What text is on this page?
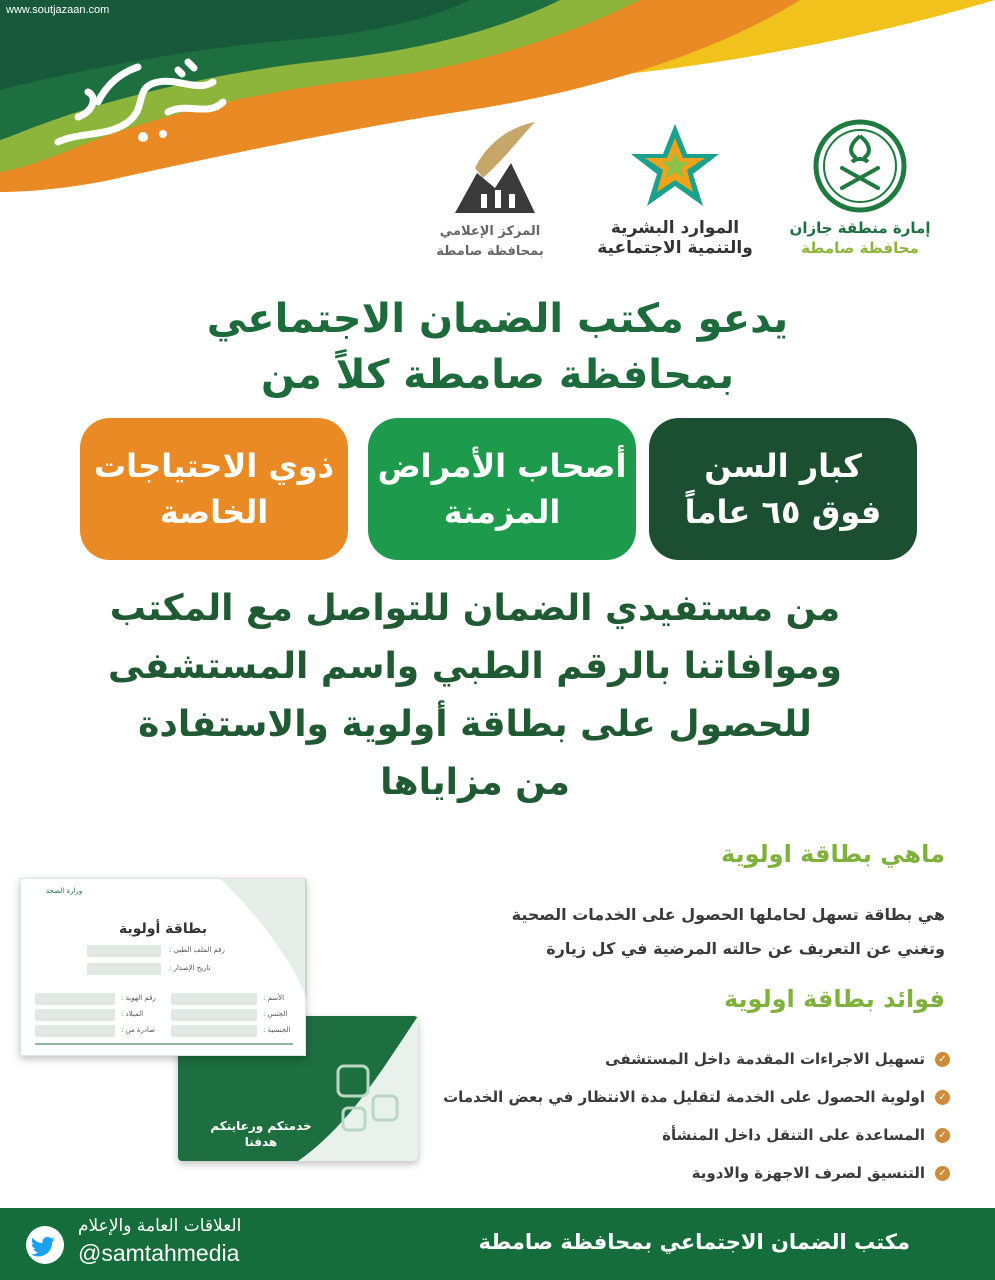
www.soutjazaan.com
إمارة منطقة جازان
محافظة صامطة
الموارد البشرية
والتنمية الاجتماعية
المركز الإعلامي
بمحافظة صامطة
يدعو مكتب الضمان الاجتماعي
بمحافظة صامطة كلاً من
كبار السن
فوق ٦٥ عاماً
أصحاب الأمراض
المزمنة
ذوي الاحتياجات
الخاصة
من مستفيدي الضمان للتواصل مع المكتب
وموافاتنا بالرقم الطبي واسم المستشفى
للحصول على بطاقة أولوية والاستفادة
من مزاياها
ماهي بطاقة اولوية
هي بطاقة تسهل لحاملها الحصول على الخدمات الصحية
وتغني عن التعريف عن حالته المرضية في كل زيارة
فوائد بطاقة اولوية
✓
تسهيل الاجراءات المقدمة داخل المستشفى
✓
اولوية الحصول على الخدمة لتقليل مدة الانتظار في بعض الخدمات
✓
المساعدة على التنقل داخل المنشأة
✓
التنسيق لصرف الاجهزة والادوية
خدمتكم ورعايتكم
هدفنا
وزارة الصحة
بطاقة أولوية
رقم الملف الطبي :
تاريخ الإصدار :
الأسم :
الجنس :
الجنسية :
رقم الهوية :
الميلاد :
صادرة من :
مكتب الضمان الاجتماعي بمحافظة صامطة
العلاقات العامة والإعلام
@samtahmedia
